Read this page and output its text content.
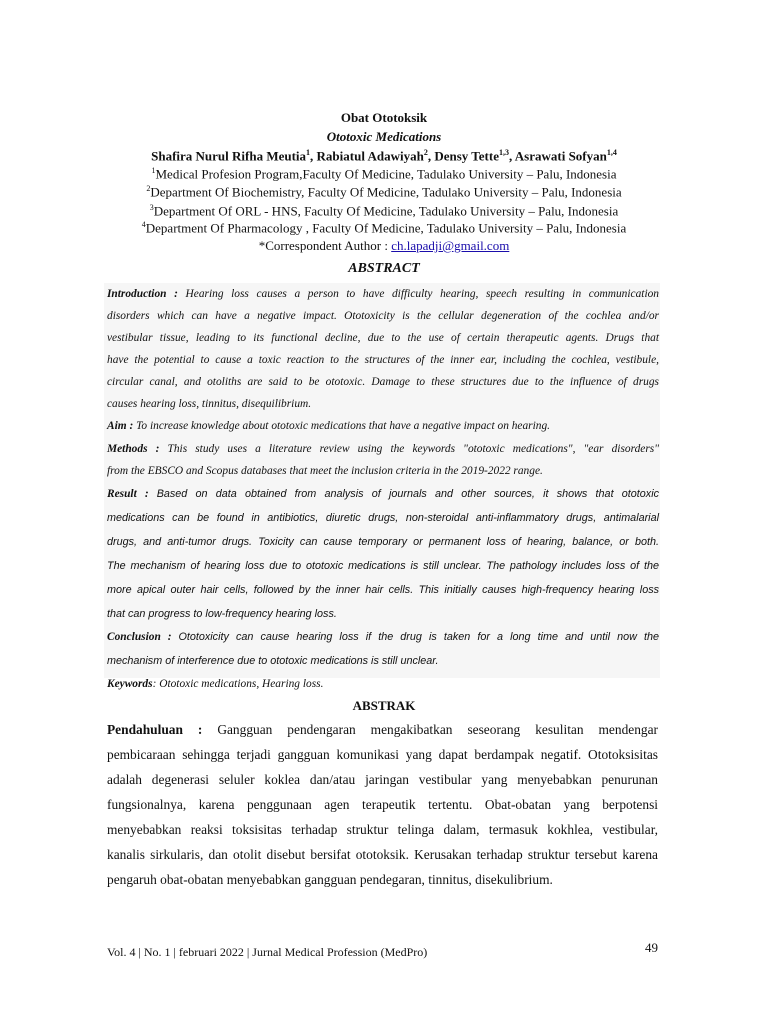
Obat Ototoksik
Ototoxic Medications
Shafira Nurul Rifha Meutia$^1$, Rabiatul Adawiyah$^2$, Densy Tette$^{1,3}$, Asrawati Sofyan$^{1,4}$
$^1$Medical Profesion Program,Faculty Of Medicine, Tadulako University – Palu, Indonesia
$^2$Department Of Biochemistry, Faculty Of Medicine, Tadulako University – Palu, Indonesia
$^3$Department Of ORL - HNS, Faculty Of Medicine, Tadulako University – Palu, Indonesia
$^4$Department Of Pharmacology , Faculty Of Medicine, Tadulako University – Palu, Indonesia
*Correspondent Author : ch.lapadji@gmail.com
ABSTRACT
Introduction : Hearing loss causes a person to have difficulty hearing, speech resulting in communication
disorders which can have a negative impact. Ototoxicity is the cellular degeneration of the cochlea and/or
vestibular tissue, leading to its functional decline, due to the use of certain therapeutic agents. Drugs that
have the potential to cause a toxic reaction to the structures of the inner ear, including the cochlea, vestibule,
circular canal, and otoliths are said to be ototoxic. Damage to these structures due to the influence of drugs
causes hearing loss, tinnitus, disequilibrium.
Aim : To increase knowledge about ototoxic medications that have a negative impact on hearing.
Methods : This study uses a literature review using the keywords "ototoxic medications", "ear disorders"
from the EBSCO and Scopus databases that meet the inclusion criteria in the 2019-2022 range.
Result : Based on data obtained from analysis of journals and other sources, it shows that ototoxic
medications can be found in antibiotics, diuretic drugs, non-steroidal anti-inflammatory drugs, antimalarial
drugs, and anti-tumor drugs. Toxicity can cause temporary or permanent loss of hearing, balance, or both.
The mechanism of hearing loss due to ototoxic medications is still unclear. The pathology includes loss of the
more apical outer hair cells, followed by the inner hair cells. This initially causes high-frequency hearing loss
that can progress to low-frequency hearing loss.
Conclusion : Ototoxicity can cause hearing loss if the drug is taken for a long time and until now the
mechanism of interference due to ototoxic medications is still unclear.
Keywords: Ototoxic medications, Hearing loss.
ABSTRAK
Pendahuluan : Gangguan pendengaran mengakibatkan seseorang kesulitan mendengar
pembicaraan sehingga terjadi gangguan komunikasi yang dapat berdampak negatif. Ototoksisitas
adalah degenerasi seluler koklea dan/atau jaringan vestibular yang menyebabkan penurunan
fungsionalnya, karena penggunaan agen terapeutik tertentu. Obat-obatan yang berpotensi
menyebabkan reaksi toksisitas terhadap struktur telinga dalam, termasuk kokhlea, vestibular,
kanalis sirkularis, dan otolit disebut bersifat ototoksik. Kerusakan terhadap struktur tersebut karena
pengaruh obat-obatan menyebabkan gangguan pendegaran, tinnitus, disekulibrium.
Vol. 4 | No. 1 | februari 2022 | Jurnal Medical Profession (MedPro)	49
